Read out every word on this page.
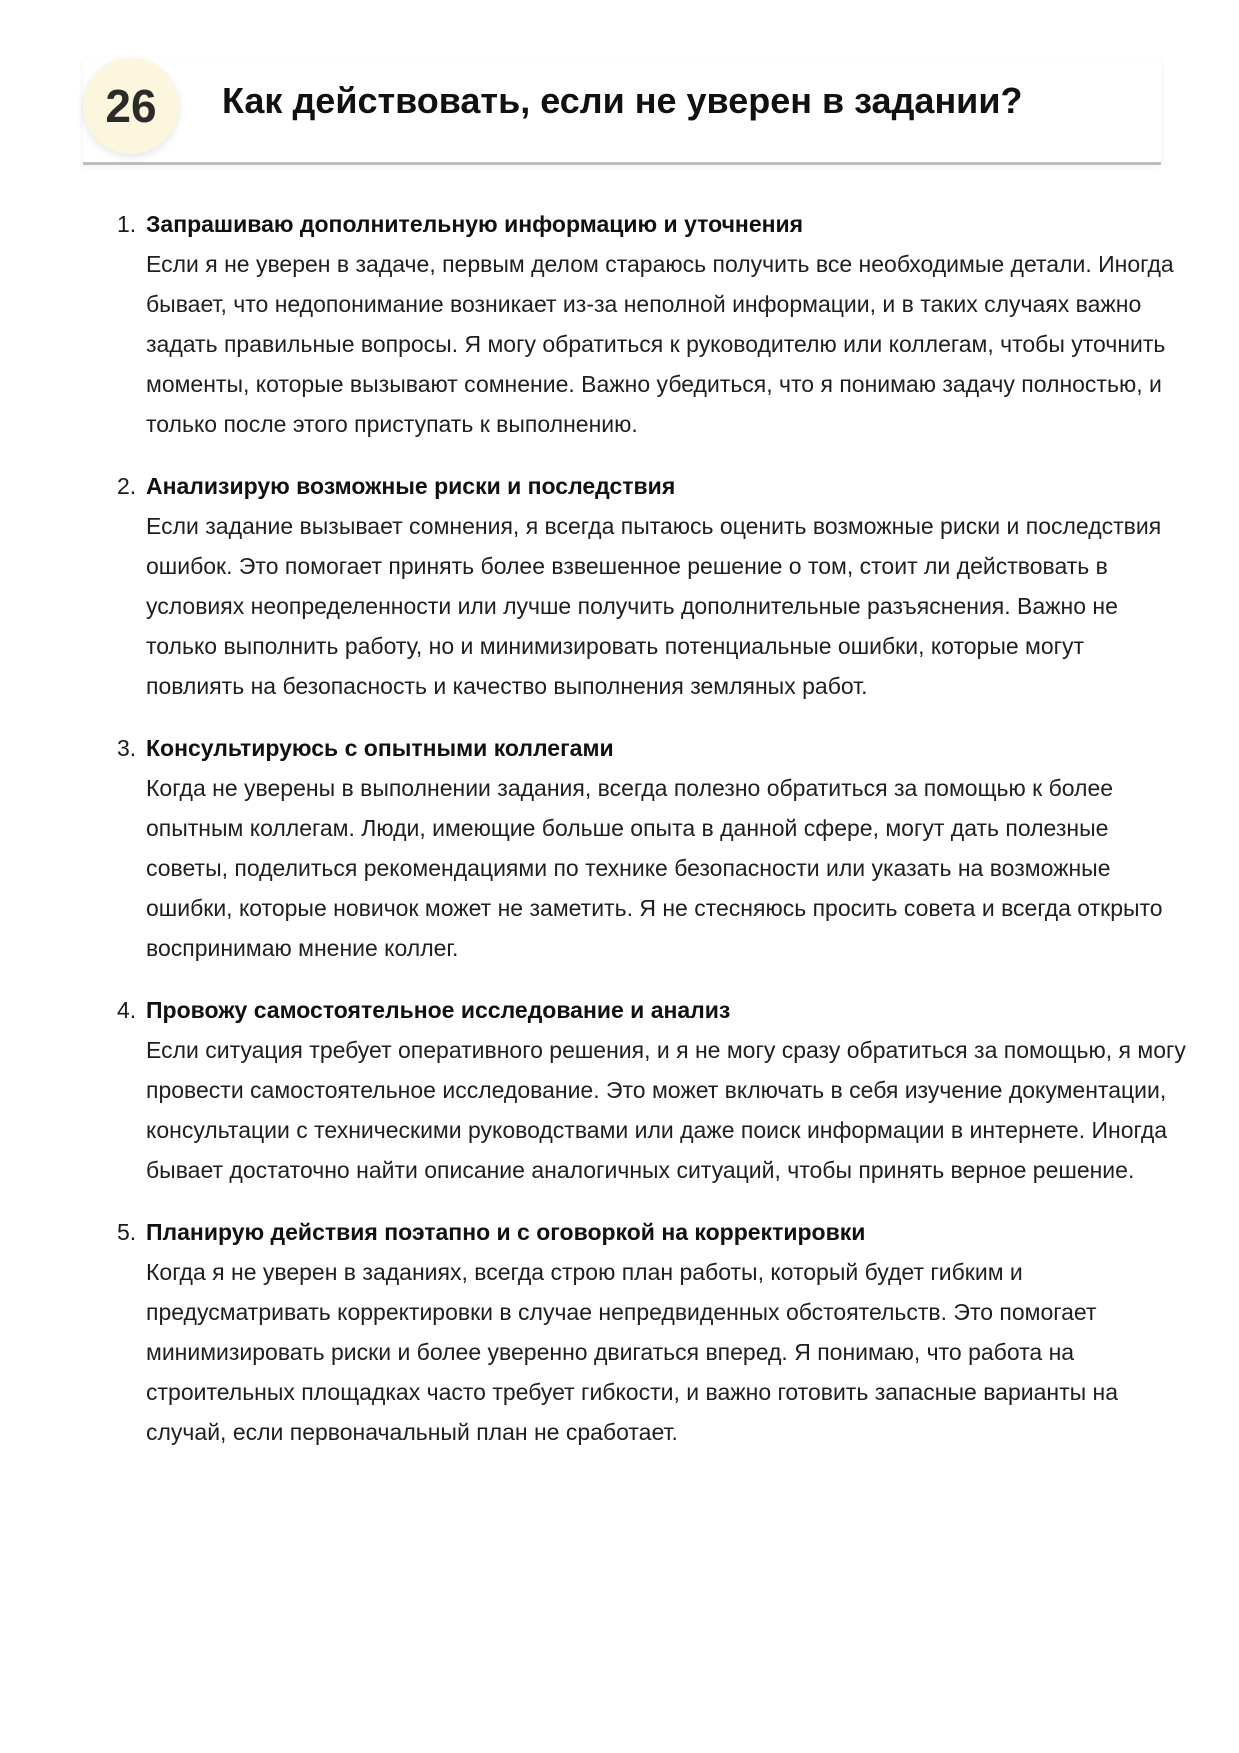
26	Как действовать, если не уверен в задании?
1. Запрашиваю дополнительную информацию и уточнения

Если я не уверен в задаче, первым делом стараюсь получить все необходимые детали. Иногда бывает, что недопонимание возникает из-за неполной информации, и в таких случаях важно задать правильные вопросы. Я могу обратиться к руководителю или коллегам, чтобы уточнить моменты, которые вызывают сомнение. Важно убедиться, что я понимаю задачу полностью, и только после этого приступать к выполнению.

2. Анализирую возможные риски и последствия

Если задание вызывает сомнения, я всегда пытаюсь оценить возможные риски и последствия ошибок. Это помогает принять более взвешенное решение о том, стоит ли действовать в условиях неопределенности или лучше получить дополнительные разъяснения. Важно не только выполнить работу, но и минимизировать потенциальные ошибки, которые могут повлиять на безопасность и качество выполнения земляных работ.

3. Консультируюсь с опытными коллегами

Когда не уверены в выполнении задания, всегда полезно обратиться за помощью к более опытным коллегам. Люди, имеющие больше опыта в данной сфере, могут дать полезные советы, поделиться рекомендациями по технике безопасности или указать на возможные ошибки, которые новичок может не заметить. Я не стесняюсь просить совета и всегда открыто воспринимаю мнение коллег.

4. Провожу самостоятельное исследование и анализ

Если ситуация требует оперативного решения, и я не могу сразу обратиться за помощью, я могу провести самостоятельное исследование. Это может включать в себя изучение документации, консультации с техническими руководствами или даже поиск информации в интернете. Иногда бывает достаточно найти описание аналогичных ситуаций, чтобы принять верное решение.

5. Планирую действия поэтапно и с оговоркой на корректировки

Когда я не уверен в заданиях, всегда строю план работы, который будет гибким и предусматривать корректировки в случае непредвиденных обстоятельств. Это помогает минимизировать риски и более уверенно двигаться вперед. Я понимаю, что работа на строительных площадках часто требует гибкости, и важно готовить запасные варианты на случай, если первоначальный план не сработает.
